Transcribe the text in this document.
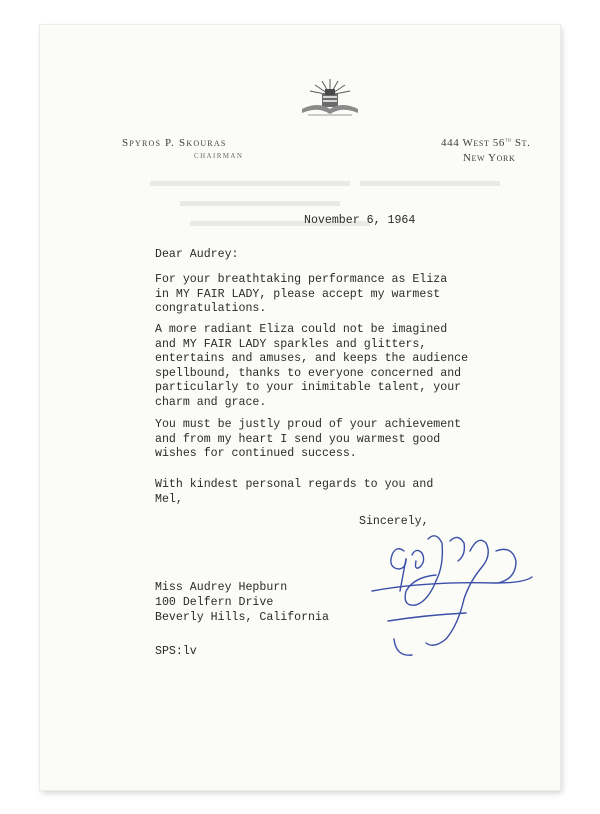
Spyros P. Skouras
CHAIRMAN
444 West 56th St.
New York
November 6, 1964
Dear Audrey:
For your breathtaking performance as Eliza
in MY FAIR LADY, please accept my warmest
congratulations.
A more radiant Eliza could not be imagined
and MY FAIR LADY sparkles and glitters,
entertains and amuses, and keeps the audience
spellbound, thanks to everyone concerned and
particularly to your inimitable talent, your
charm and grace.
You must be justly proud of your achievement
and from my heart I send you warmest good
wishes for continued success.
With kindest personal regards to you and
Mel,
Sincerely,
Miss Audrey Hepburn
100 Delfern Drive
Beverly Hills, California
SPS:lv
